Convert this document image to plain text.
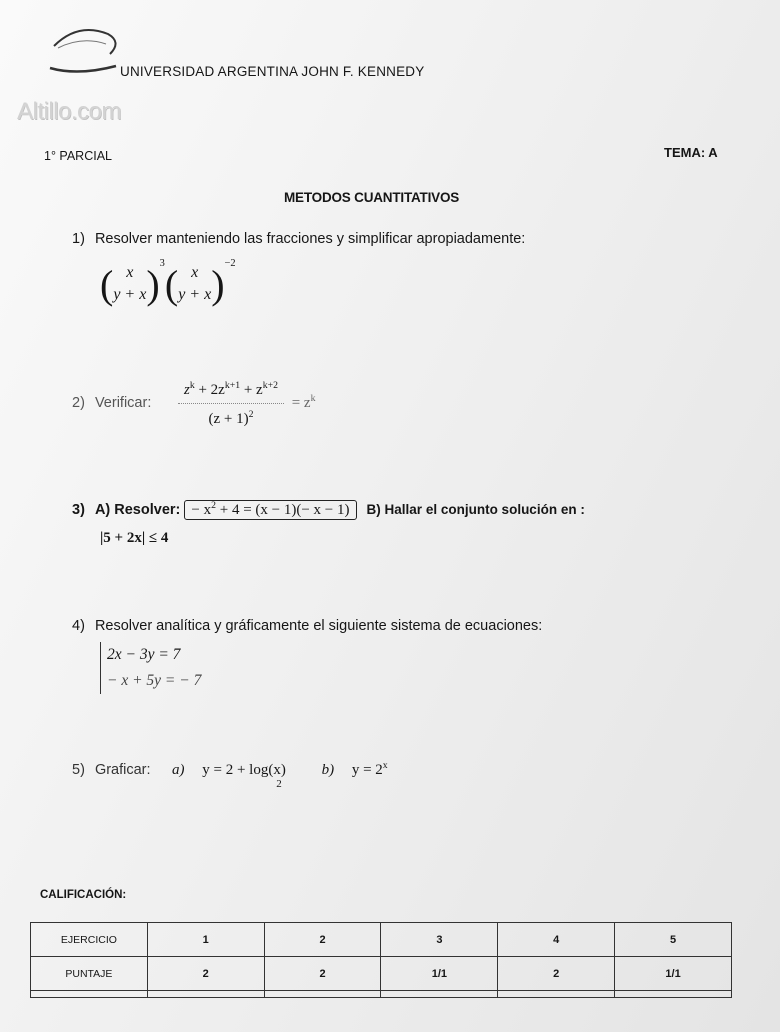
UNIVERSIDAD ARGENTINA JOHN F. KENNEDY
Altillo.com
1° PARCIAL	TEMA: A
METODOS CUANTITATIVOS
1) Resolver manteniendo las fracciones y simplificar apropiadamente:
( x
y + x )$^3$( x
y + x )$^{-2}$
2) Verificar: $\frac{z^k + 2z^{k+1} + z^{k+2}}{(z + 1)^2} = z^k$
3) A) Resolver: − $x^2 + 4 = (x - 1)(- x - 1)$ B) Hallar el conjunto solución en :
|5 + 2x| ≤ 4
4) Resolver analítica y gráficamente el siguiente sistema de ecuaciones:
2x − 3y = 7
− x + 5y = − 7
5) Graficar: a) y = 2 + log(x)
2
b) $y = 2^x$
CALIFICACIÓN:
EJERCICIO	1	2	3	4	5
PUNTAJE	2	2	1/1	2	1/1
